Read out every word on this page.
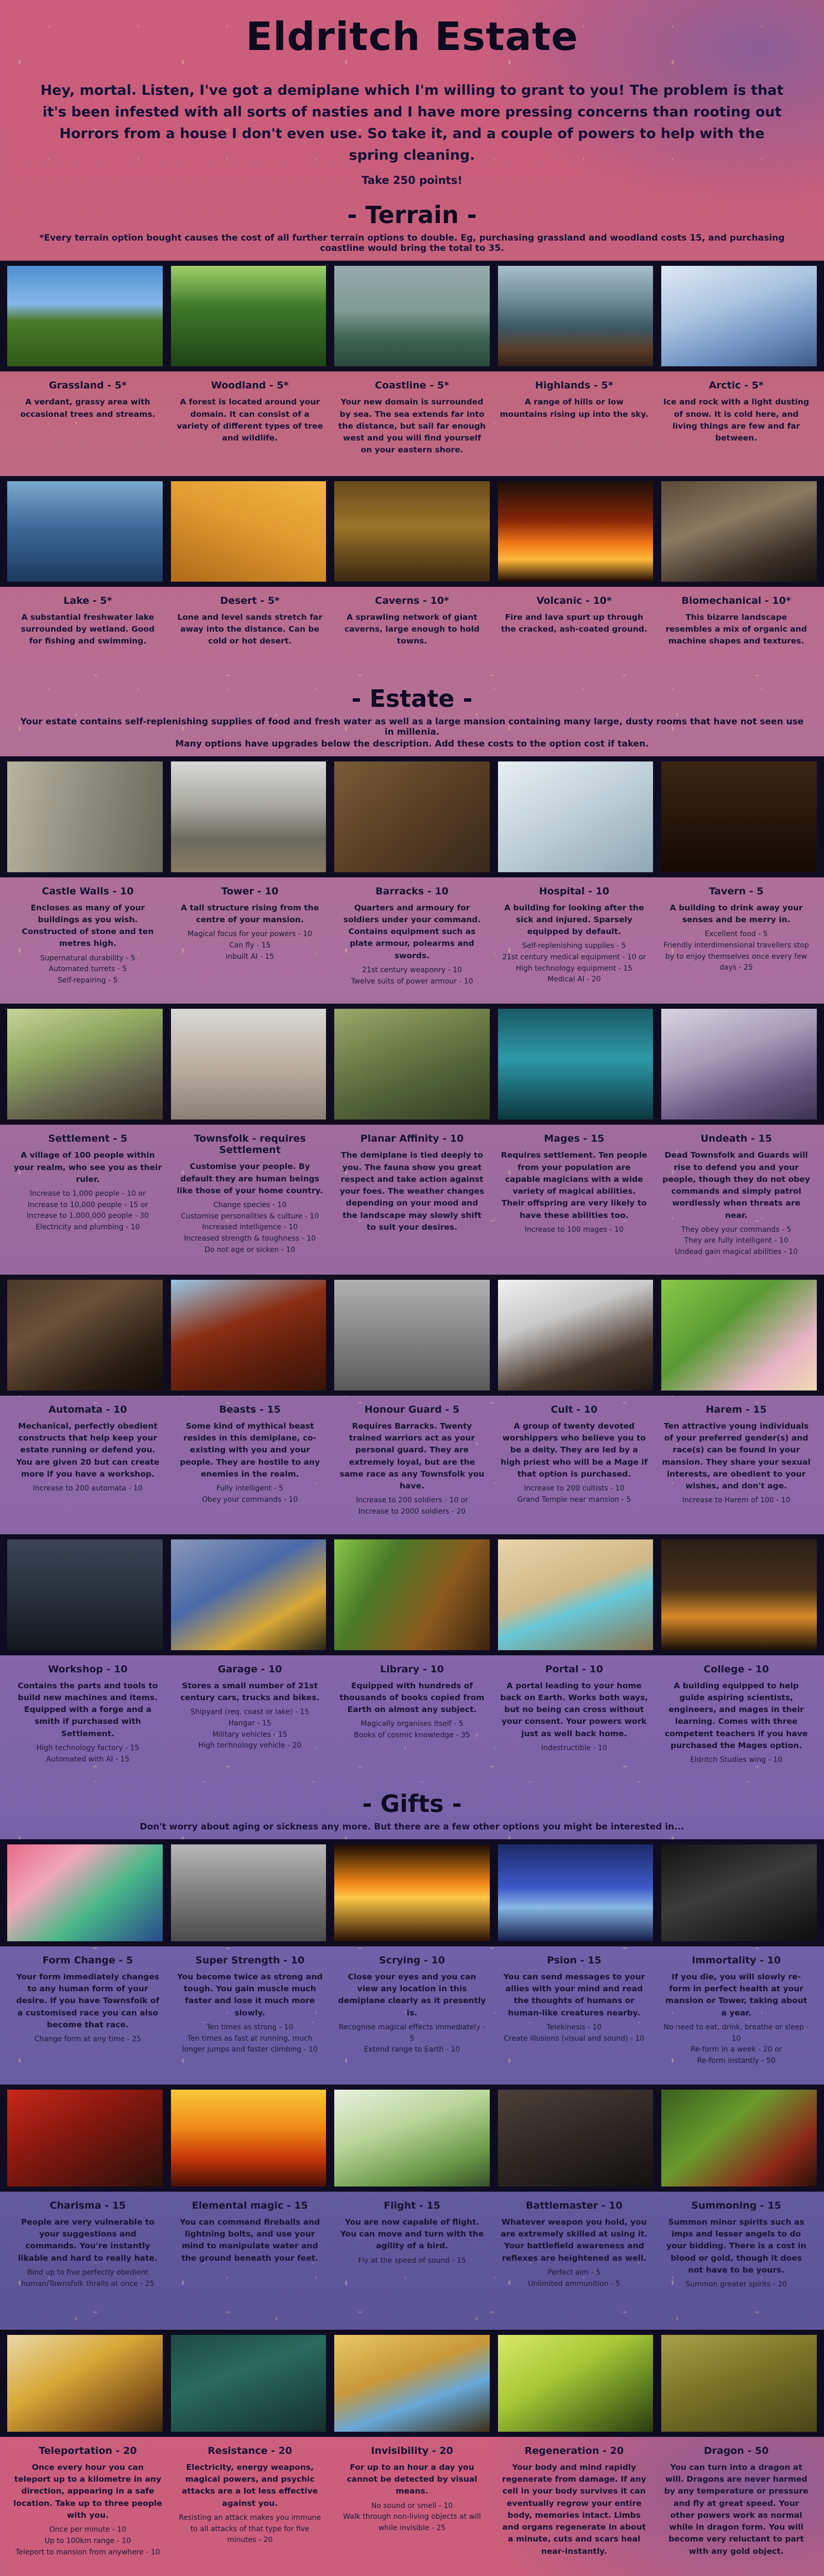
Eldritch Estate

Hey, mortal. Listen, I've got a demiplane which I'm willing to grant to you! The problem is that it's been infested with all sorts of nasties and I have more pressing concerns than rooting out Horrors from a house I don't even use. So take it, and a couple of powers to help with the spring cleaning.

Take 250 points!

- Terrain -
*Every terrain option bought causes the cost of all further terrain options to double. Eg, purchasing grassland and woodland costs 15, and purchasing coastline would bring the total to 35.
Grassland - 5*
A verdant, grassy area with occasional trees and streams.
Woodland - 5*
A forest is located around your domain. It can consist of a variety of different types of tree and wildlife.
Coastline - 5*
Your new domain is surrounded by sea. The sea extends far into the distance, but sail far enough west and you will find yourself on your eastern shore.
Highlands - 5*
A range of hills or low mountains rising up into the sky.
Arctic - 5*
Ice and rock with a light dusting of snow. It is cold here, and living things are few and far between.
Lake - 5*
A substantial freshwater lake surrounded by wetland. Good for fishing and swimming.
Desert - 5*
Lone and level sands stretch far away into the distance. Can be cold or hot desert.
Caverns - 10*
A sprawling network of giant caverns, large enough to hold towns.
Volcanic - 10*
Fire and lava spurt up through the cracked, ash-coated ground.
Biomechanical - 10*
This bizarre landscape resembles a mix of organic and machine shapes and textures.
- Estate -
Your estate contains self-replenishing supplies of food and fresh water as well as a large mansion containing many large, dusty rooms that have not seen use in millenia.
Many options have upgrades below the description. Add these costs to the option cost if taken.
Castle Walls - 10
Encloses as many of your buildings as you wish. Constructed of stone and ten metres high.
Supernatural durability - 5
Automated turrets - 5
Self-repairing - 5
Tower - 10
A tall structure rising from the centre of your mansion.
Magical focus for your powers - 10
Can fly - 15
Inbuilt AI - 15
Barracks - 10
Quarters and armoury for soldiers under your command. Contains equipment such as plate armour, polearms and swords.
21st century weaponry - 10
Twelve suits of power armour - 10
Hospital - 10
A building for looking after the sick and injured. Sparsely equipped by default.
Self-replenishing supplies - 5
21st century medical equipment - 10 or
High technology equipment - 15
Medical AI - 20
Tavern - 5
A building to drink away your senses and be merry in.
Excellent food - 5
Friendly interdimensional travellers stop by to enjoy themselves once every few days - 25
Settlement - 5
A village of 100 people within your realm, who see you as their ruler.
Increase to 1,000 people - 10 or
Increase to 10,000 people - 15 or
Increase to 1,000,000 people - 30
Electricity and plumbing - 10
Townsfolk - requires Settlement
Customise your people. By default they are human beings like those of your home country.
Change species - 10
Customise personalities & culture - 10
Increased intelligence - 10
Increased strength & toughness - 10
Do not age or sicken - 10
Planar Affinity - 10
The demiplane is tied deeply to you. The fauna show you great respect and take action against your foes. The weather changes depending on your mood and the landscape may slowly shift to suit your desires.
Mages - 15
Requires settlement. Ten people from your population are capable magicians with a wide variety of magical abilities. Their offspring are very likely to have these abilities too.
Increase to 100 mages - 10
Undeath - 15
Dead Townsfolk and Guards will rise to defend you and your people, though they do not obey commands and simply patrol wordlessly when threats are near.
They obey your commands - 5
They are fully intelligent - 10
Undead gain magical abilities - 10
Automata - 10
Mechanical, perfectly obedient constructs that help keep your estate running or defend you. You are given 20 but can create more if you have a workshop.
Increase to 200 automata - 10
Beasts - 15
Some kind of mythical beast resides in this demiplane, co-existing with you and your people. They are hostile to any enemies in the realm.
Fully intelligent - 5
Obey your commands - 10
Honour Guard - 5
Requires Barracks. Twenty trained warriors act as your personal guard. They are extremely loyal, but are the same race as any Townsfolk you have.
Increase to 200 soldiers - 10 or
Increase to 2000 soldiers - 20
Cult - 10
A group of twenty devoted worshippers who believe you to be a deity. They are led by a high priest who will be a Mage if that option is purchased.
Increase to 200 cultists - 10
Grand Temple near mansion - 5
Harem - 15
Ten attractive young individuals of your preferred gender(s) and race(s) can be found in your mansion. They share your sexual interests, are obedient to your wishes, and don't age.
Increase to Harem of 100 - 10
Workshop - 10
Contains the parts and tools to build new machines and items. Equipped with a forge and a smith if purchased with Settlement.
High technology factory - 15
Automated with AI - 15
Garage - 10
Stores a small number of 21st century cars, trucks and bikes.
Shipyard (req. coast or lake) - 15
Hangar - 15
Military vehicles - 15
High technology vehicle - 20
Library - 10
Equipped with hundreds of thousands of books copied from Earth on almost any subject.
Magically organises itself - 5
Books of cosmic knowledge - 35
Portal - 10
A portal leading to your home back on Earth. Works both ways, but no being can cross without your consent. Your powers work just as well back home.
Indestructible - 10
College - 10
A building equipped to help guide aspiring scientists, engineers, and mages in their learning. Comes with three competent teachers if you have purchased the Mages option.
Eldritch Studies wing - 10
- Gifts -
Don't worry about aging or sickness any more. But there are a few other options you might be interested in...
Form Change - 5
Your form immediately changes to any human form of your desire. If you have Townsfolk of a customised race you can also become that race.
Change form at any time - 25
Super Strength - 10
You become twice as strong and tough. You gain muscle much faster and lose it much more slowly.
Ten times as strong - 10
Ten times as fast at running, much longer jumps and faster climbing - 10
Scrying - 10
Close your eyes and you can view any location in this demiplane clearly as it presently is.
Recognise magical effects immediately - 5
Extend range to Earth - 10
Psion - 15
You can send messages to your allies with your mind and read the thoughts of humans or human-like creatures nearby.
Telekinesis - 10
Create illusions (visual and sound) - 10
Immortality - 10
If you die, you will slowly re-form in perfect health at your mansion or Tower, taking about a year.
No need to eat, drink, breathe or sleep - 10
Re-form in a week - 20 or
Re-form instantly - 50
Charisma - 15
People are very vulnerable to your suggestions and commands. You're instantly likable and hard to really hate.
Bind up to five perfectly obedient human/Townsfolk thralls at once - 25
Elemental magic - 15
You can command fireballs and lightning bolts, and use your mind to manipulate water and the ground beneath your feet.
Flight - 15
You are now capable of flight. You can move and turn with the agility of a bird.
Fly at the speed of sound - 15
Battlemaster - 10
Whatever weapon you hold, you are extremely skilled at using it. Your battlefield awareness and reflexes are heightened as well.
Perfect aim - 5
Unlimited ammunition - 5
Summoning - 15
Summon minor spirits such as imps and lesser angels to do your bidding. There is a cost in blood or gold, though it does not have to be yours.
Summon greater spirits - 20
Teleportation - 20
Once every hour you can teleport up to a kilometre in any direction, appearing in a safe location. Take up to three people with you.
Once per minute - 10
Up to 100km range - 10
Teleport to mansion from anywhere - 10
Resistance - 20
Electricity, energy weapons, magical powers, and psychic attacks are a lot less effective against you.
Resisting an attack makes you immune to all attacks of that type for five minutes - 20
Invisibility - 20
For up to an hour a day you cannot be detected by visual means.
No sound or smell - 10
Walk through non-living objects at will while invisible - 25
Regeneration - 20
Your body and mind rapidly regenerate from damage. If any cell in your body survives it can eventually regrow your entire body, memories intact. Limbs and organs regenerate in about a minute, cuts and scars heal near-instantly.
Dragon - 50
You can turn into a dragon at will. Dragons are never harmed by any temperature or pressure and fly at great speed. Your other powers work as normal while in dragon form. You will become very reluctant to part with any gold object.
